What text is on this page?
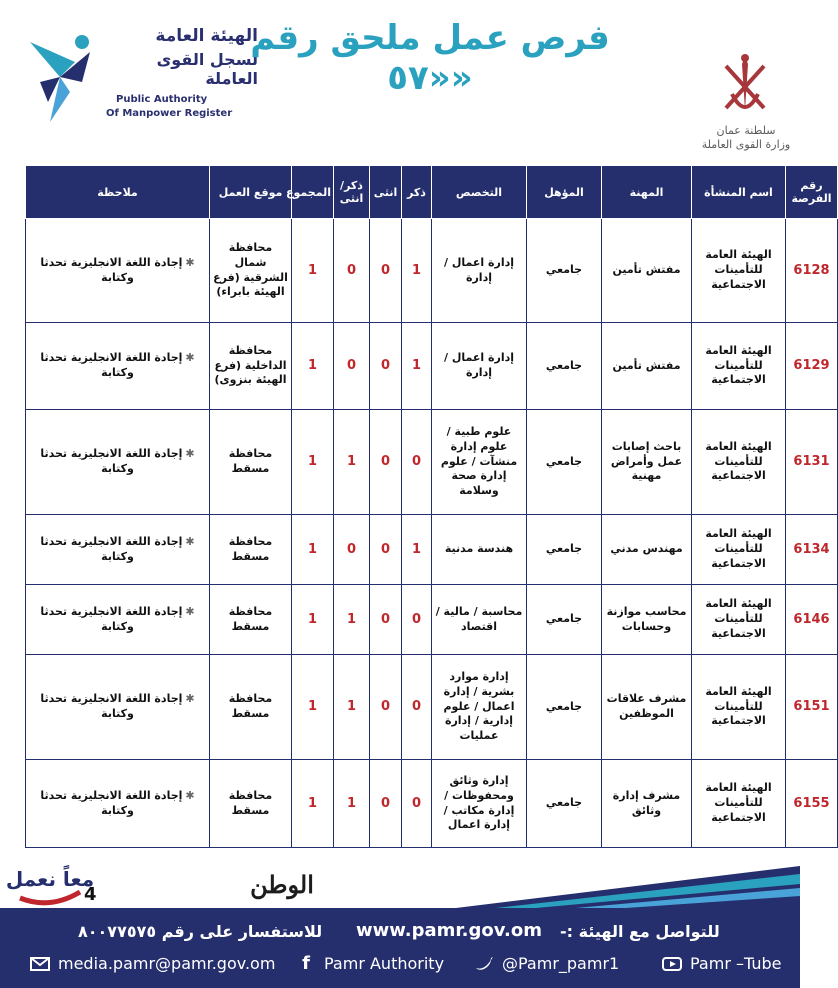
الهيئة العامة
لسجل القوى العاملة
Public Authority
Of Manpower Register
فرص عمل ملحق رقم «٥٧»
سلطنة عمان
وزارة القوى العاملة
رقم الفرصة	اسم المنشأة	المهنة	المؤهل	التخصص	ذكر	انثى	ذكر/ انثى	المجموع	موقع العمل	ملاحظة
6128	الهيئة العامة للتأمينات الاجتماعية	مفتش تأمين	جامعي	إدارة اعمال / إدارة	1	0	0	1	محافظة شمال الشرقية (فرع الهيئة بابراء)	✱إجادة اللغة الانجليزية تحدثا وكتابة
6129	الهيئة العامة للتأمينات الاجتماعية	مفتش تأمين	جامعي	إدارة اعمال / إدارة	1	0	0	1	محافظة الداخلية (فرع الهيئة بنزوى)	✱إجادة اللغة الانجليزية تحدثا وكتابة
6131	الهيئة العامة للتأمينات الاجتماعية	باحث إصابات عمل وأمراض مهنية	جامعي	علوم طبية / علوم إدارة منشآت / علوم إدارة صحة وسلامة	0	0	1	1	محافظة مسقط	✱إجادة اللغة الانجليزية تحدثا وكتابة
6134	الهيئة العامة للتأمينات الاجتماعية	مهندس مدني	جامعي	هندسة مدنية	1	0	0	1	محافظة مسقط	✱إجادة اللغة الانجليزية تحدثا وكتابة
6146	الهيئة العامة للتأمينات الاجتماعية	محاسب موازنة وحسابات	جامعي	محاسبة / مالية / اقتصاد	0	0	1	1	محافظة مسقط	✱إجادة اللغة الانجليزية تحدثا وكتابة
6151	الهيئة العامة للتأمينات الاجتماعية	مشرف علاقات الموظفين	جامعي	إدارة موارد بشرية / إدارة اعمال / علوم إدارية / إدارة عمليات	0	0	1	1	محافظة مسقط	✱إجادة اللغة الانجليزية تحدثا وكتابة
6155	الهيئة العامة للتأمينات الاجتماعية	مشرف إدارة وثائق	جامعي	إدارة وثائق ومحفوظات / إدارة مكاتب / إدارة اعمال	0	0	1	1	محافظة مسقط	✱إجادة اللغة الانجليزية تحدثا وكتابة
معاً نعمل
4	الوطن
للاستفسار على رقم ٨٠٠٧٧٥٧٥ www.pamr.gov.om للتواصل مع الهيئة :-
media.pamr@pamr.gov.om	f Pamr Authority	@Pamr_pamr1	Pamr –Tube
